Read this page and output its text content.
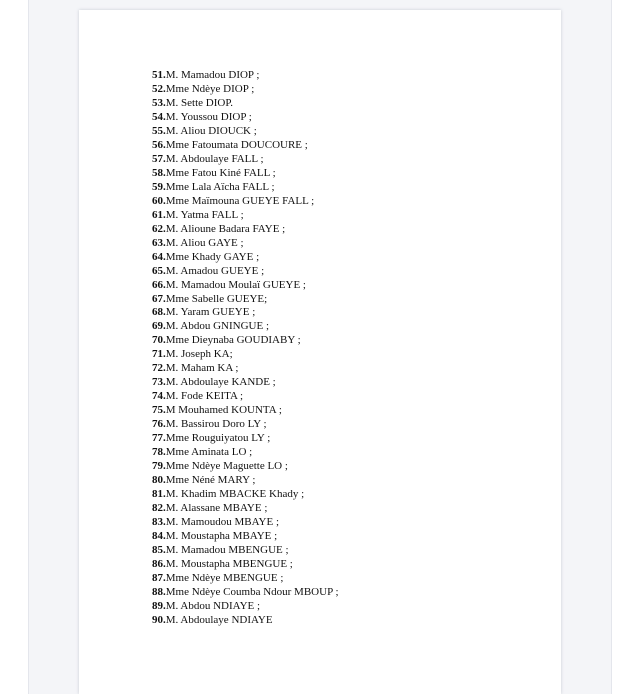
51.M. Mamadou DIOP ;
52.Mme Ndèye DIOP ;
53.M. Sette DIOP.
54.M. Youssou DIOP ;
55.M. Aliou DIOUCK ;
56.Mme Fatoumata DOUCOURE ;
57.M. Abdoulaye FALL ;
58.Mme Fatou Kiné FALL ;
59.Mme Lala Aïcha FALL ;
60.Mme Maïmouna GUEYE FALL ;
61.M. Yatma FALL ;
62.M. Alioune Badara FAYE ;
63.M. Aliou GAYE ;
64.Mme Khady GAYE ;
65.M. Amadou GUEYE ;
66.M. Mamadou Moulaï GUEYE ;
67.Mme Sabelle GUEYE;
68.M. Yaram GUEYE ;
69.M. Abdou GNINGUE ;
70.Mme Dieynaba GOUDIABY ;
71.M. Joseph KA;
72.M. Maham KA ;
73.M. Abdoulaye KANDE ;
74.M. Fode KEITA ;
75.M Mouhamed KOUNTA ;
76.M. Bassirou Doro LY ;
77.Mme Rouguiyatou LY ;
78.Mme Aminata LO ;
79.Mme Ndèye Maguette LO ;
80.Mme Néné MARY ;
81.M. Khadim MBACKE Khady ;
82.M. Alassane MBAYE ;
83.M. Mamoudou MBAYE ;
84.M. Moustapha MBAYE ;
85.M. Mamadou MBENGUE ;
86.M. Moustapha MBENGUE ;
87.Mme Ndèye MBENGUE ;
88.Mme Ndèye Coumba Ndour MBOUP ;
89.M. Abdou NDIAYE ;
90.M. Abdoulaye NDIAYE
